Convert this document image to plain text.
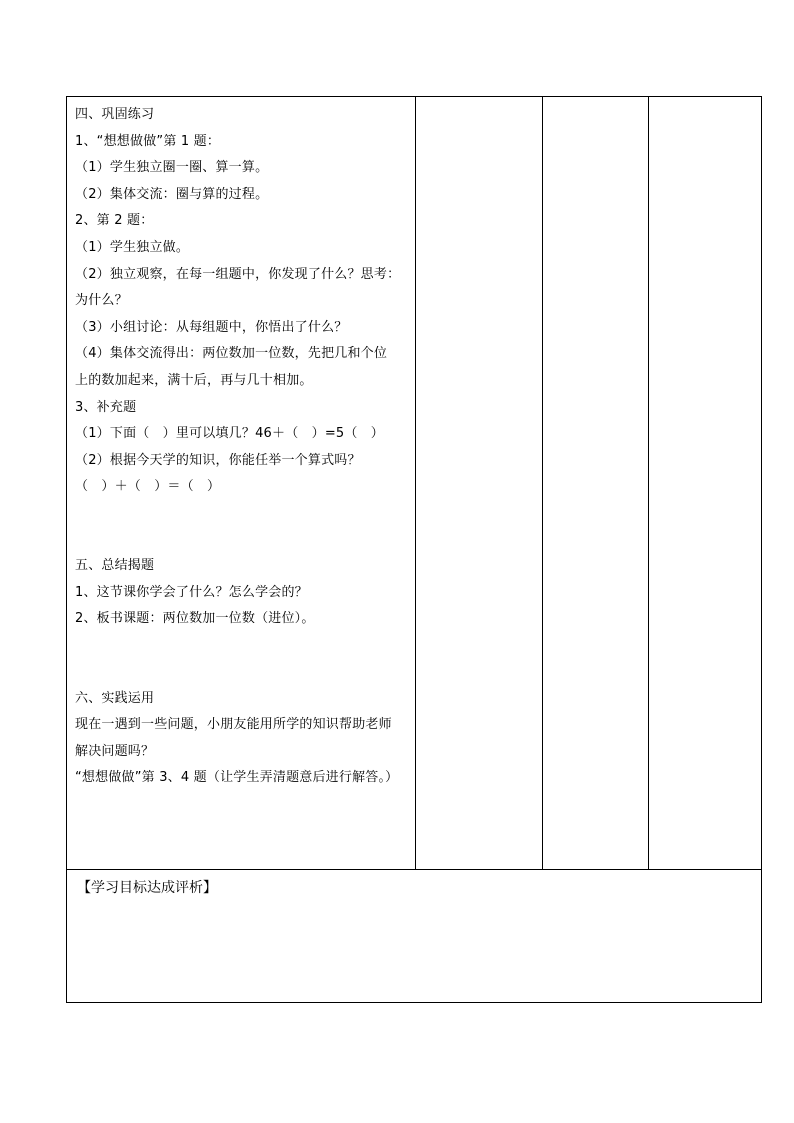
四、巩固练习
1、“想想做做”第 1 题：
（1）学生独立圈一圈、算一算。
（2）集体交流：圈与算的过程。
2、第 2 题：
（1）学生独立做。
（2）独立观察，在每一组题中，你发现了什么？思考：
为什么？
（3）小组讨论：从每组题中，你悟出了什么？
（4）集体交流得出：两位数加一位数，先把几和个位
上的数加起来，满十后，再与几十相加。
3、补充题
（1）下面（　）里可以填几？46＋（　）=5（　）
（2）根据今天学的知识，你能任举一个算式吗？
（　）＋（　）＝（　）
五、总结揭题
1、这节课你学会了什么？怎么学会的？
2、板书课题：两位数加一位数（进位）。
六、实践运用
现在一遇到一些问题，小朋友能用所学的知识帮助老师
解决问题吗？
“想想做做”第 3、4 题（让学生弄清题意后进行解答。）

【学习目标达成评析】
